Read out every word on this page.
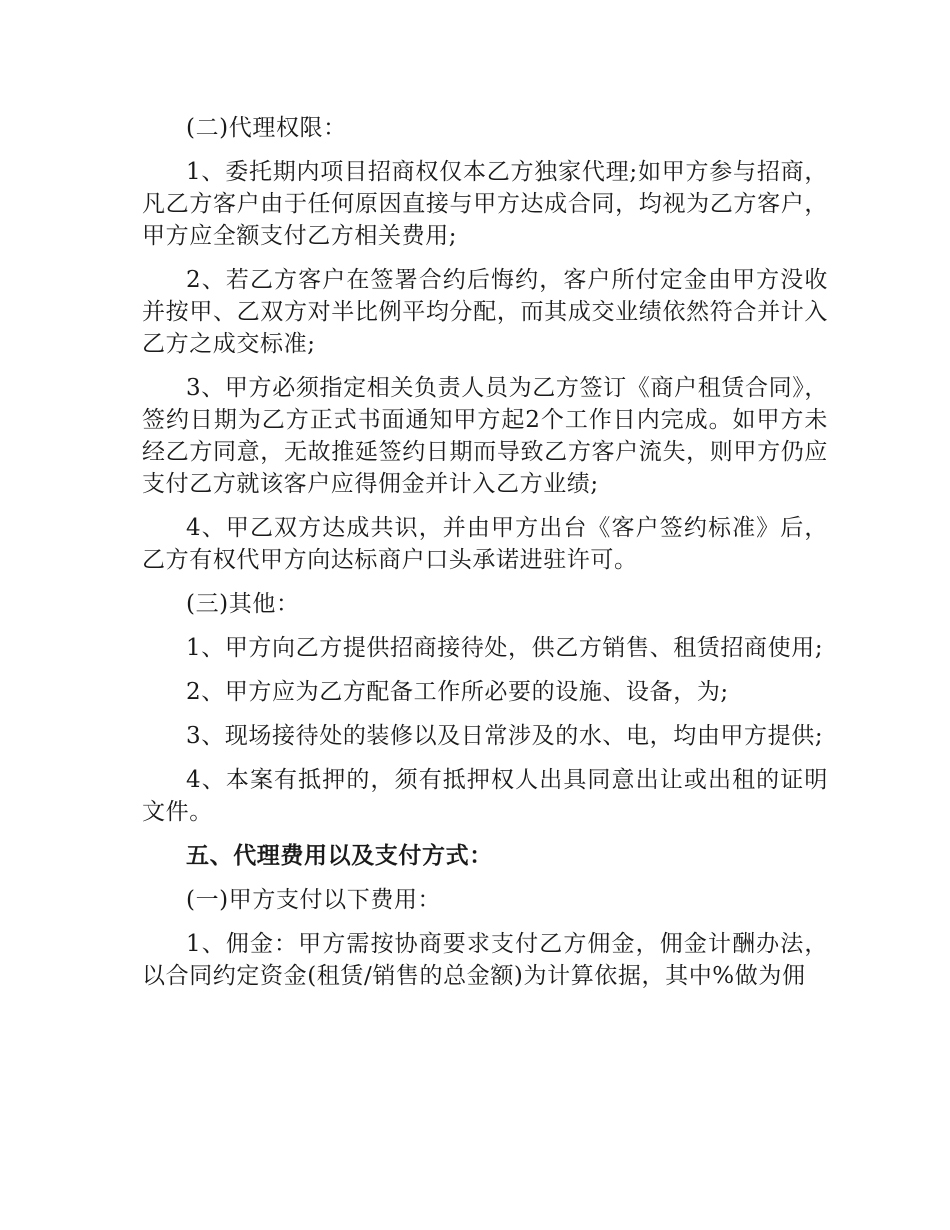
(二)代理权限：

1、委托期内项目招商权仅本乙方独家代理;如甲方参与招商，凡乙方客户由于任何原因直接与甲方达成合同，均视为乙方客户，甲方应全额支付乙方相关费用;

2、若乙方客户在签署合约后悔约，客户所付定金由甲方没收并按甲、乙双方对半比例平均分配，而其成交业绩依然符合并计入乙方之成交标准;

3、甲方必须指定相关负责人员为乙方签订《商户租赁合同》，签约日期为乙方正式书面通知甲方起2个工作日内完成。如甲方未经乙方同意，无故推延签约日期而导致乙方客户流失，则甲方仍应支付乙方就该客户应得佣金并计入乙方业绩;

4、甲乙双方达成共识，并由甲方出台《客户签约标准》后，乙方有权代甲方向达标商户口头承诺进驻许可。

(三)其他：

1、甲方向乙方提供招商接待处，供乙方销售、租赁招商使用;

2、甲方应为乙方配备工作所必要的设施、设备，为;

3、现场接待处的装修以及日常涉及的水、电，均由甲方提供;

4、本案有抵押的，须有抵押权人出具同意出让或出租的证明文件。

五、代理费用以及支付方式：

(一)甲方支付以下费用：

1、佣金：甲方需按协商要求支付乙方佣金，佣金计酬办法，以合同约定资金(租赁/销售的总金额)为计算依据，其中%做为佣
